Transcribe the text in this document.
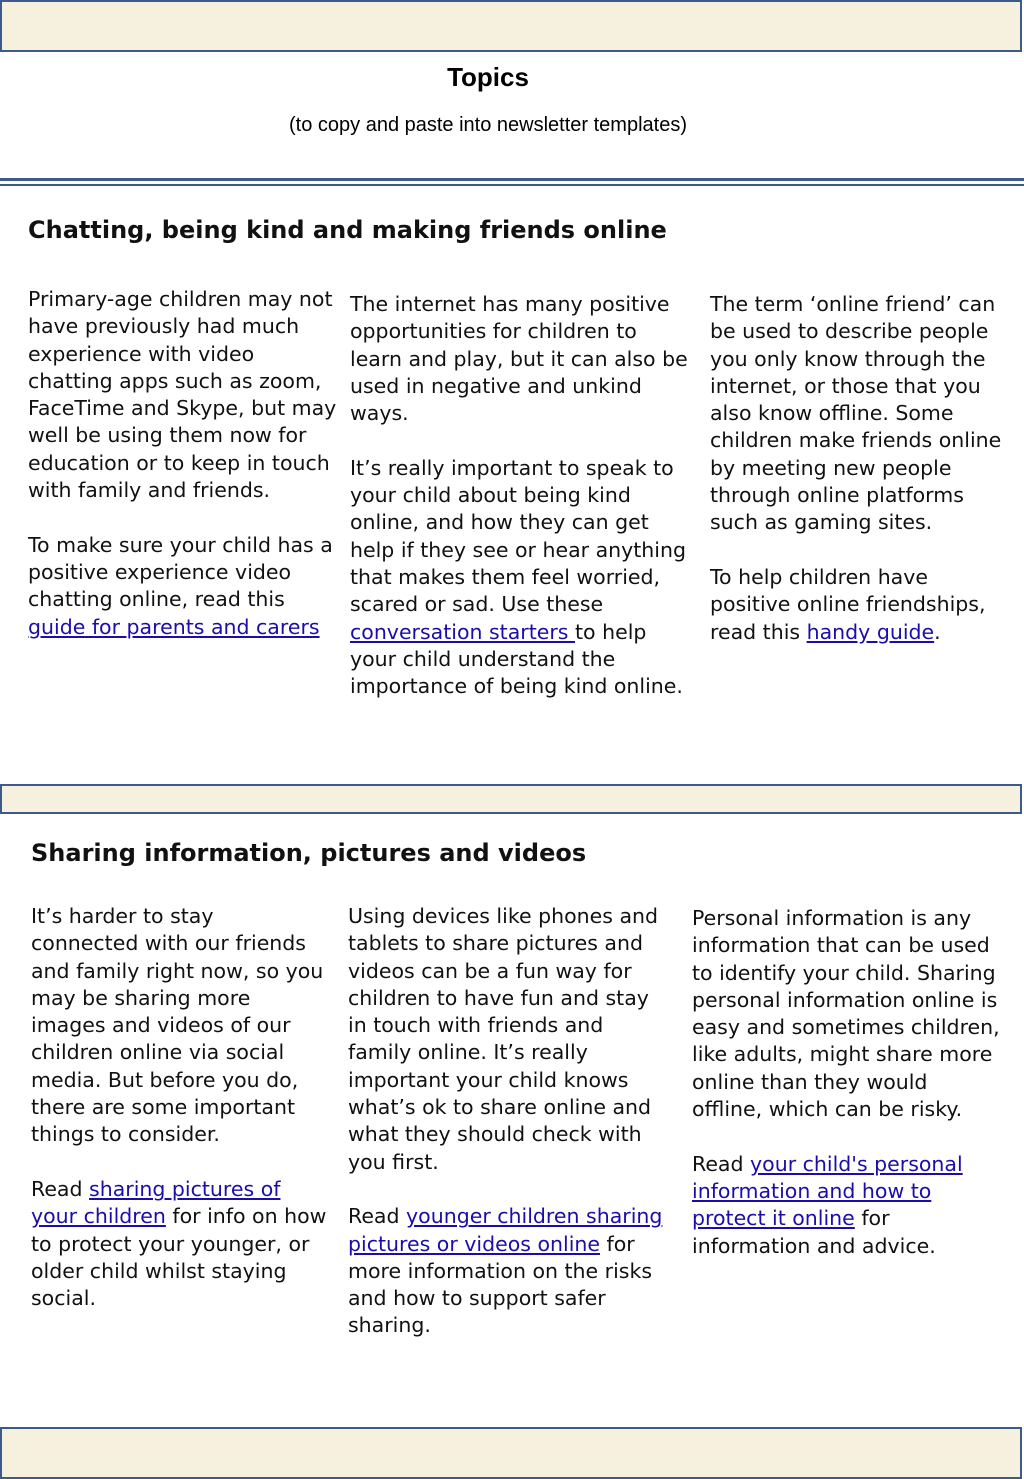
Topics
(to copy and paste into newsletter templates)
Chatting, being kind and making friends online

Primary-age children may not have previously had much experience with video chatting apps such as zoom, FaceTime and Skype, but may well be using them now for education or to keep in touch with family and friends.

To make sure your child has a positive experience video chatting online, read this guide for parents and carers

The internet has many positive opportunities for children to learn and play, but it can also be used in negative and unkind ways.

It’s really important to speak to your child about being kind online, and how they can get help if they see or hear anything that makes them feel worried, scared or sad. Use these conversation starters to help your child understand the importance of being kind online.

The term ‘online friend’ can be used to describe people you only know through the internet, or those that you also know offline. Some children make friends online by meeting new people through online platforms such as gaming sites.

To help children have positive online friendships, read this handy guide.

Sharing information, pictures and videos

It’s harder to stay connected with our friends and family right now, so you may be sharing more images and videos of our children online via social media. But before you do, there are some important things to consider.

Read sharing pictures of your children for info on how to protect your younger, or older child whilst staying social.

Using devices like phones and tablets to share pictures and videos can be a fun way for children to have fun and stay in touch with friends and family online. It’s really important your child knows what’s ok to share online and what they should check with you first.

Read younger children sharing pictures or videos online for more information on the risks and how to support safer sharing.

Personal information is any information that can be used to identify your child. Sharing personal information online is easy and sometimes children, like adults, might share more online than they would offline, which can be risky.

Read your child's personal information and how to protect it online for information and advice.
